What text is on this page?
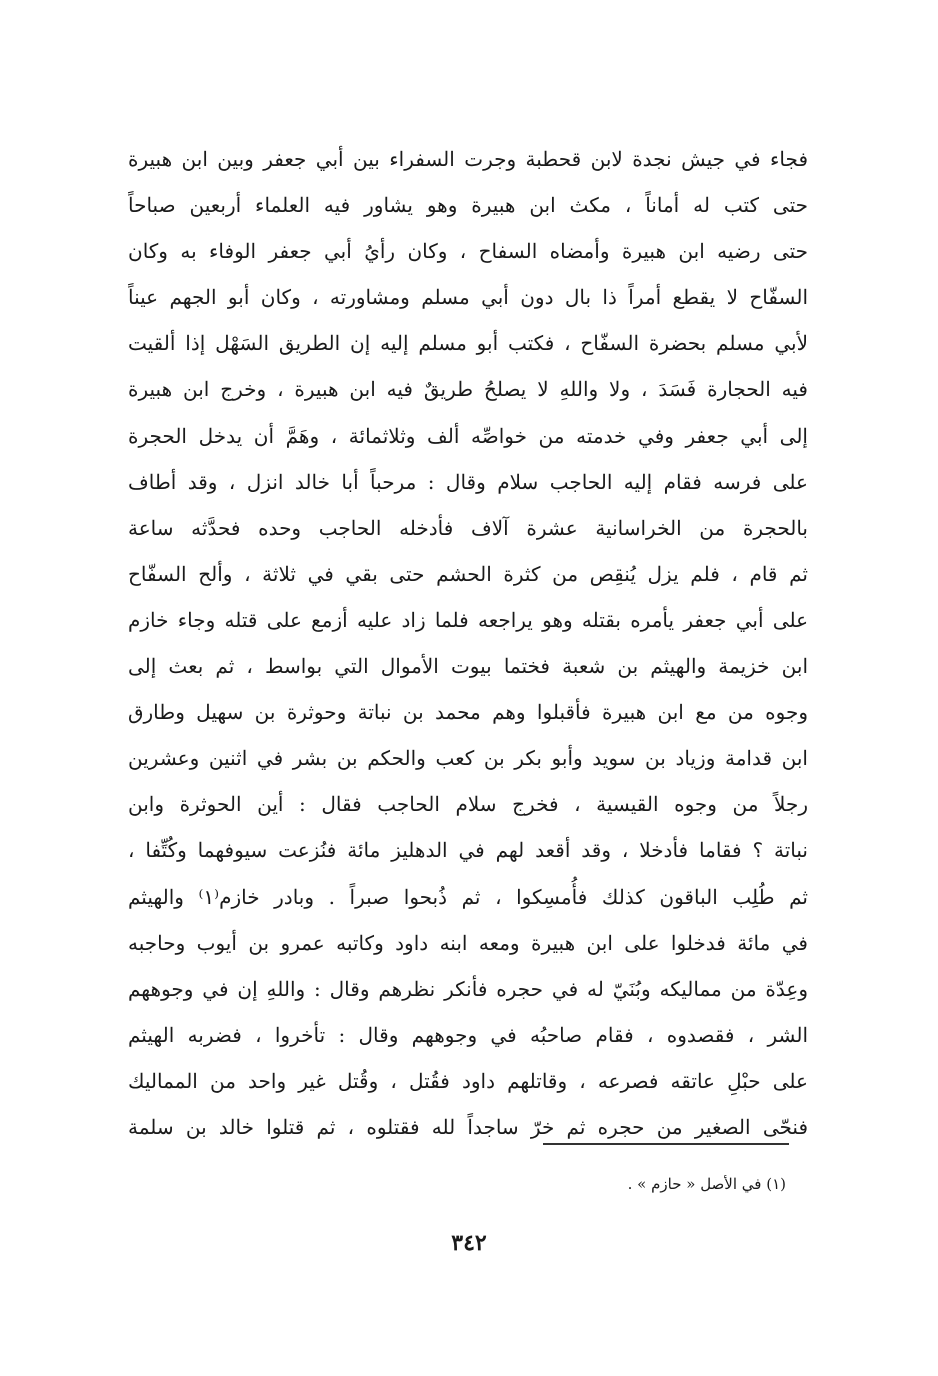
فجاء في جيش نجدة لابن قحطبة وجرت السفراء بين أبي جعفر وبين ابن هبيرة
حتى كتب له أماناً ، مكث ابن هبيرة وهو يشاور فيه العلماء أربعين صباحاً
حتى رضيه ابن هبيرة وأمضاه السفاح ، وكان رأيُ أبي جعفر الوفاء به وكان
السفّاح لا يقطع أمراً ذا بال دون أبي مسلم ومشاورته ، وكان أبو الجهم عيناً
لأبي مسلم بحضرة السفّاح ، فكتب أبو مسلم إليه إن الطريق السَهْل إذا ألقيت
فيه الحجارة فَسَدَ ، ولا واللهِ لا يصلحُ طريقٌ فيه ابن هبيرة ، وخرج ابن هبيرة
إلى أبي جعفر وفي خدمته من خواصِّه ألف وثلاثمائة ، وهَمَّ أن يدخل الحجرة
على فرسه فقام إليه الحاجب سلام وقال : مرحباً أبا خالد انزل ، وقد أطاف
بالحجرة من الخراسانية عشرة آلاف فأدخله الحاجب وحده فحدَّثه ساعة
ثم قام ، فلم يزل يُنقِص من كثرة الحشم حتى بقي في ثلاثة ، وألح السفّاح
على أبي جعفر يأمره بقتله وهو يراجعه فلما زاد عليه أزمع على قتله وجاء خازم
ابن خزيمة والهيثم بن شعبة فختما بيوت الأموال التي بواسط ، ثم بعث إلى
وجوه من مع ابن هبيرة فأقبلوا وهم محمد بن نباتة وحوثرة بن سهيل وطارق
ابن قدامة وزياد بن سويد وأبو بكر بن كعب والحكم بن بشر في اثنين وعشرين
رجلاً من وجوه القيسية ، فخرج سلام الحاجب فقال : أين الحوثرة وابن
نباتة ؟ فقاما فأدخلا ، وقد أقعد لهم في الدهليز مائة فنُزعت سيوفهما وكُتِّفا ،
ثم طُلِب الباقون كذلك فأُمسِكوا ، ثم ذُبحوا صبراً . وبادر خازم⁽١⁾ والهيثم
في مائة فدخلوا على ابن هبيرة ومعه ابنه داود وكاتبه عمرو بن أيوب وحاجبه
وعِدّة من مماليكه وبُنَيّ له في حجره فأنكر نظرهم وقال : واللهِ إن في وجوههم
الشر ، فقصدوه ، فقام صاحبُه في وجوههم وقال : تأخروا ، فضربه الهيثم
على حبْلِ عاتقه فصرعه ، وقاتلهم داود فقُتل ، وقُتل غير واحد من المماليك
فنحّى الصغير من حجره ثم خرّ ساجداً لله فقتلوه ، ثم قتلوا خالد بن سلمة
(١) في الأصل « حازم » .
٣٤٢
